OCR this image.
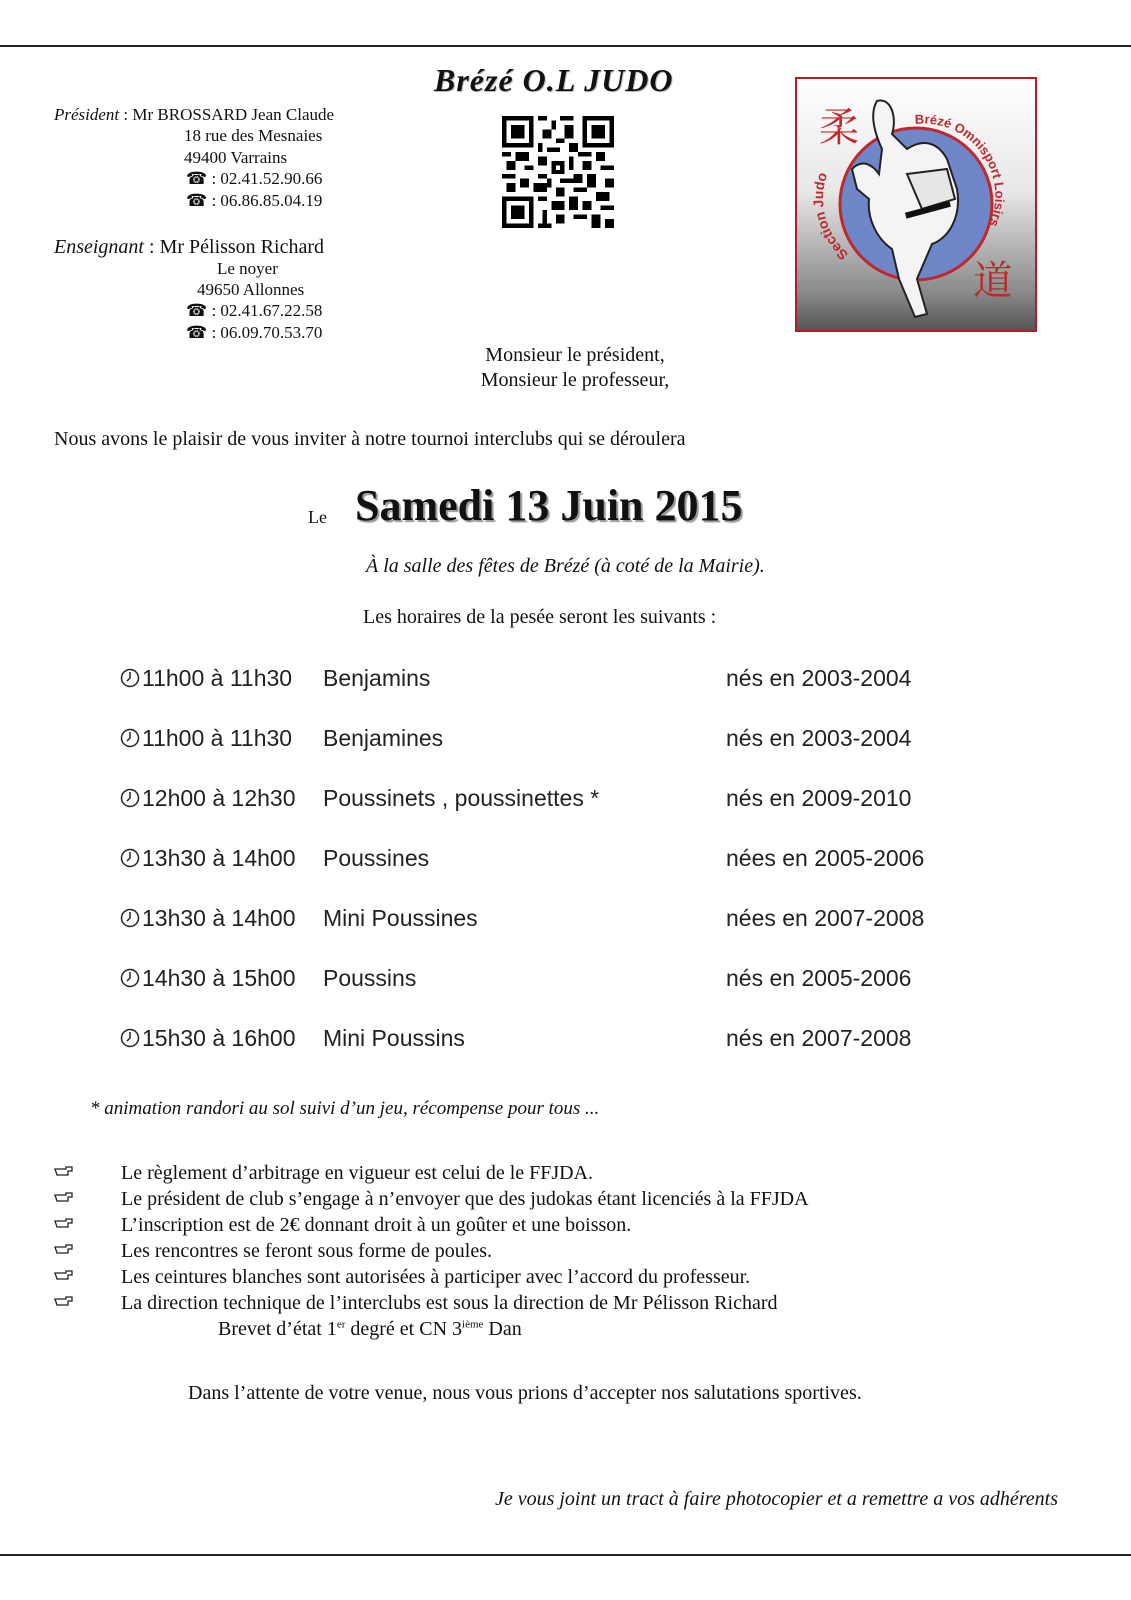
Brézé O.L JUDO
Président : Mr BROSSARD Jean Claude
18 rue des Mesnaies
49400 Varrains
☎ : 02.41.52.90.66
☎ : 06.86.85.04.19
Enseignant : Mr Pélisson Richard
Le noyer
49650 Allonnes
☎ : 02.41.67.22.58
☎ : 06.09.70.53.70
柔
道
Section Judo
Brézé Omnisport Loisirs
Monsieur le président,
Monsieur le professeur,
Nous avons le plaisir de vous inviter à notre tournoi interclubs qui se déroulera
Le Samedi 13 Juin 2015
À la salle des fêtes de Brézé (à coté de la Mairie).
Les horaires de la pesée seront les suivants :
11h00 à 11h30 Benjamins	nés en 2003-2004
11h00 à 11h30 Benjamines	nés en 2003-2004
12h00 à 12h30 Poussinets , poussinettes *	nés en 2009-2010
13h30 à 14h00 Poussines	nées en 2005-2006
13h30 à 14h00 Mini Poussines	nées en 2007-2008
14h30 à 15h00 Poussins	nés en 2005-2006
15h30 à 16h00 Mini Poussins	nés en 2007-2008
* animation randori au sol suivi d’un jeu, récompense pour tous ...
Le règlement d’arbitrage en vigueur est celui de le FFJDA.
Le président de club s’engage à n’envoyer que des judokas étant licenciés à la FFJDA
L’inscription est de 2€ donnant droit à un goûter et une boisson.
Les rencontres se feront sous forme de poules.
Les ceintures blanches sont autorisées à participer avec l’accord du professeur.
La direction technique de l’interclubs est sous la direction de Mr Pélisson Richard
Brevet d’état 1er degré et CN 3ième Dan
Dans l’attente de votre venue, nous vous prions d’accepter nos salutations sportives.
Je vous joint un tract à faire photocopier et a remettre a vos adhérents
